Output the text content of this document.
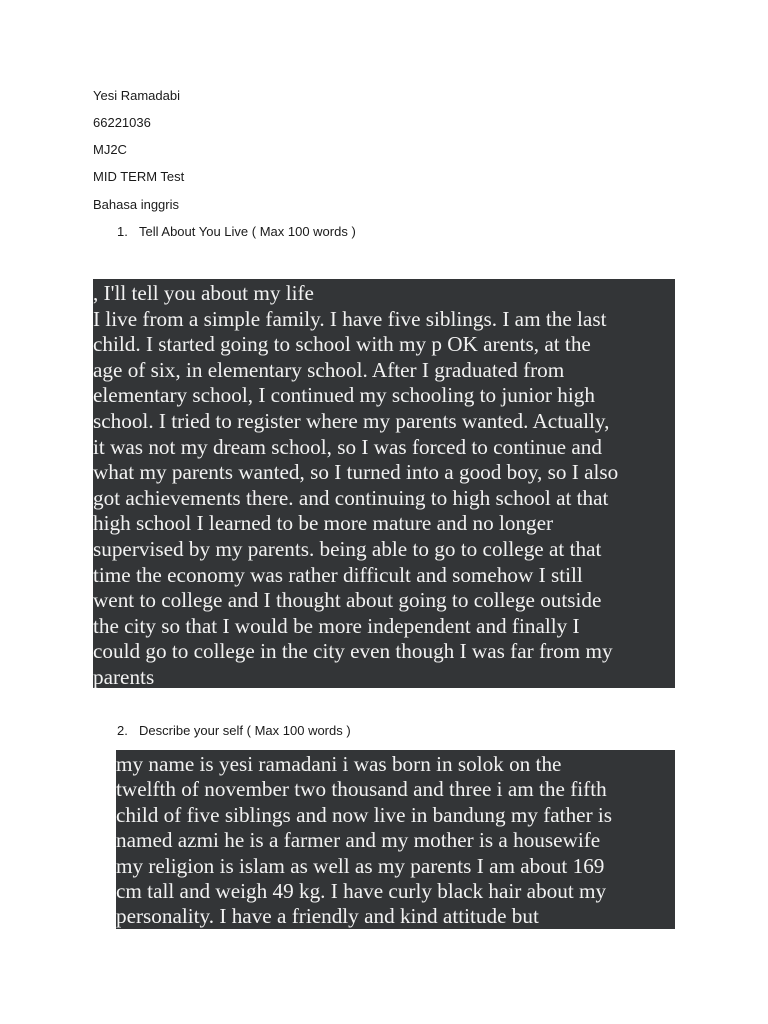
Yesi Ramadabi
66221036
MJ2C
MID TERM Test
Bahasa inggris
1. Tell About You Live ( Max 100 words )
, I'll tell you about my life
I live from a simple family. I have five siblings. I am the last
child. I started going to school with my p OK arents, at the
age of six, in elementary school. After I graduated from
elementary school, I continued my schooling to junior high
school. I tried to register where my parents wanted. Actually,
it was not my dream school, so I was forced to continue and
what my parents wanted, so I turned into a good boy, so I also
got achievements there. and continuing to high school at that
high school I learned to be more mature and no longer
supervised by my parents. being able to go to college at that
time the economy was rather difficult and somehow I still
went to college and I thought about going to college outside
the city so that I would be more independent and finally I
could go to college in the city even though I was far from my
parents
2. Describe your self ( Max 100 words )
my name is yesi ramadani i was born in solok on the
twelfth of november two thousand and three i am the fifth
child of five siblings and now live in bandung my father is
named azmi he is a farmer and my mother is a housewife
my religion is islam as well as my parents I am about 169
cm tall and weigh 49 kg. I have curly black hair about my
personality. I have a friendly and kind attitude but
